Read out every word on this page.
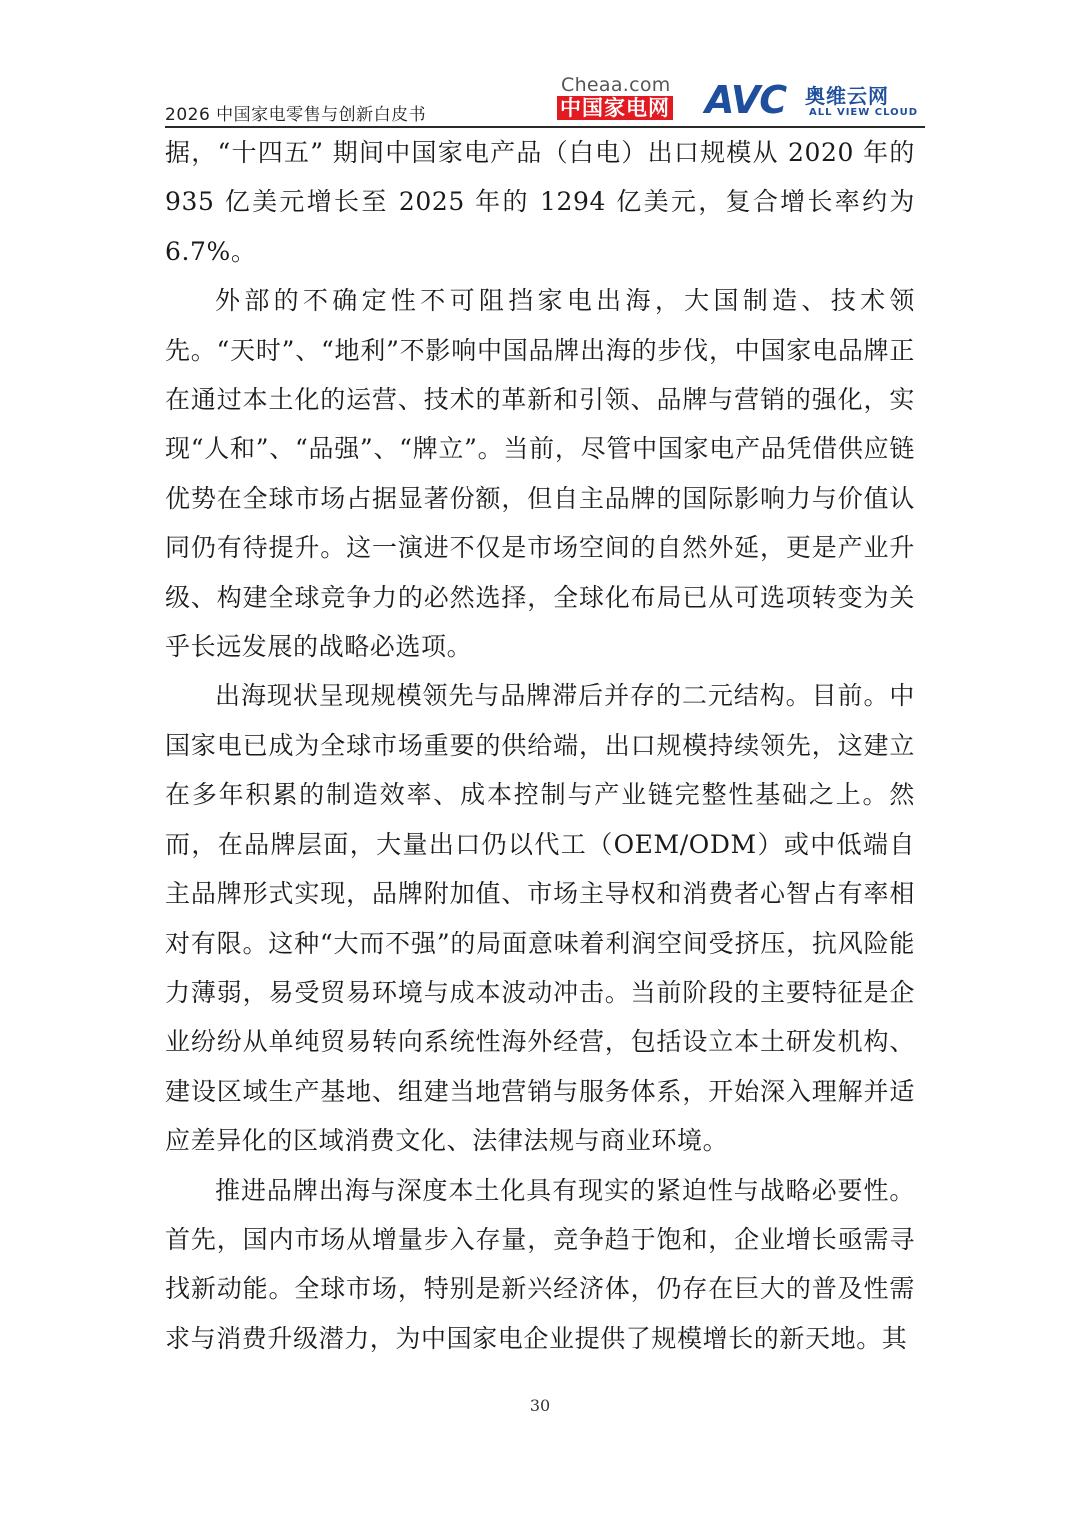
2026 中国家电零售与创新白皮书
Cheaa.com
中国家电网 AVC 奥维云网
ALL VIEW CLOUD

据，“十四五” 期间中国家电产品（白电）出口规模从 2020 年的 935 亿美元增长至 2025 年的 1294 亿美元，复合增长率约为 6.7%。

外部的不确定性不可阻挡家电出海，大国制造、技术领先。“天时”、“地利”不影响中国品牌出海的步伐，中国家电品牌正在通过本土化的运营、技术的革新和引领、品牌与营销的强化，实现“人和”、“品强”、“牌立”。当前，尽管中国家电产品凭借供应链优势在全球市场占据显著份额，但自主品牌的国际影响力与价值认同仍有待提升。这一演进不仅是市场空间的自然外延，更是产业升级、构建全球竞争力的必然选择，全球化布局已从可选项转变为关乎长远发展的战略必选项。

出海现状呈现规模领先与品牌滞后并存的二元结构。目前。中国家电已成为全球市场重要的供给端，出口规模持续领先，这建立在多年积累的制造效率、成本控制与产业链完整性基础之上。然而，在品牌层面，大量出口仍以代工（OEM/ODM）或中低端自主品牌形式实现，品牌附加值、市场主导权和消费者心智占有率相对有限。这种“大而不强”的局面意味着利润空间受挤压，抗风险能力薄弱，易受贸易环境与成本波动冲击。当前阶段的主要特征是企业纷纷从单纯贸易转向系统性海外经营，包括设立本土研发机构、建设区域生产基地、组建当地营销与服务体系，开始深入理解并适应差异化的区域消费文化、法律法规与商业环境。

推进品牌出海与深度本土化具有现实的紧迫性与战略必要性。首先，国内市场从增量步入存量，竞争趋于饱和，企业增长亟需寻找新动能。全球市场，特别是新兴经济体，仍存在巨大的普及性需求与消费升级潜力，为中国家电企业提供了规模增长的新天地。其

30
